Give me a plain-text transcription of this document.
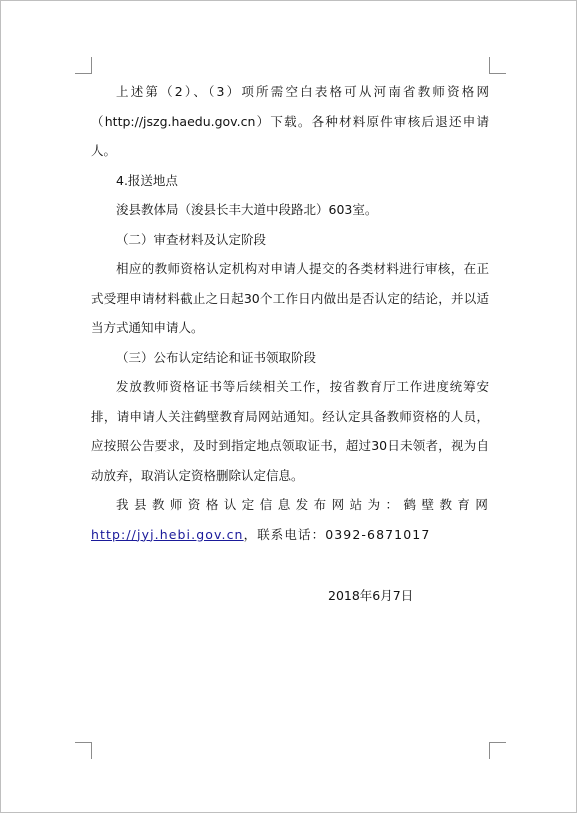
上述第（2）、（3）项所需空白表格可从河南省教师资格网（http://jszg.haedu.gov.cn）下载。各种材料原件审核后退还申请人。

4.报送地点

浚县教体局（浚县长丰大道中段路北）603室。

（二）审查材料及认定阶段

相应的教师资格认定机构对申请人提交的各类材料进行审核，在正式受理申请材料截止之日起30个工作日内做出是否认定的结论，并以适当方式通知申请人。

（三）公布认定结论和证书领取阶段

发放教师资格证书等后续相关工作，按省教育厅工作进度统筹安排，请申请人关注鹤壁教育局网站通知。经认定具备教师资格的人员，应按照公告要求，及时到指定地点领取证书，超过30日未领者，视为自动放弃，取消认定资格删除认定信息。

我县教师资格认定信息发布网站为：鹤壁教育网http://jyj.hebi.gov.cn，联系电话：0392-6871017

2018年6月7日
